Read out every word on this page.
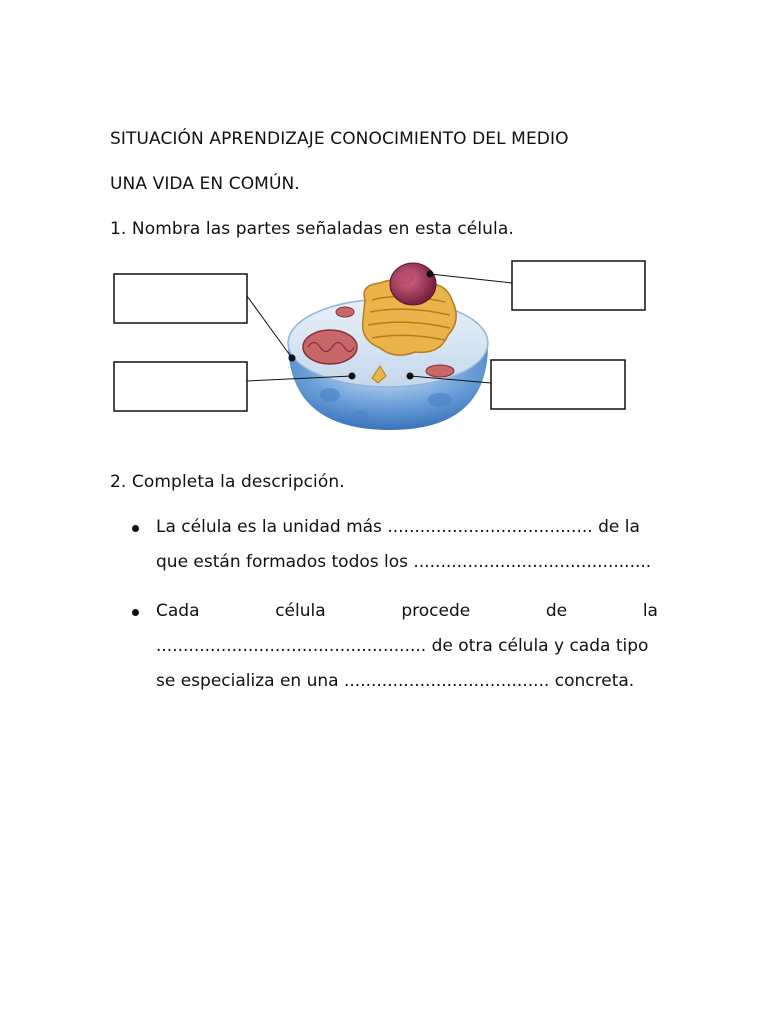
SITUACIÓN APRENDIZAJE CONOCIMIENTO DEL MEDIO
UNA VIDA EN COMÚN.
1. Nombra las partes señaladas en esta célula.
2. Completa la descripción.
La célula es la unidad más ...................................... de la
que están formados todos los ............................................
Cada	célula	procede	de	la
.................................................. de otra célula y cada tipo
se especializa en una ...................................... concreta.
